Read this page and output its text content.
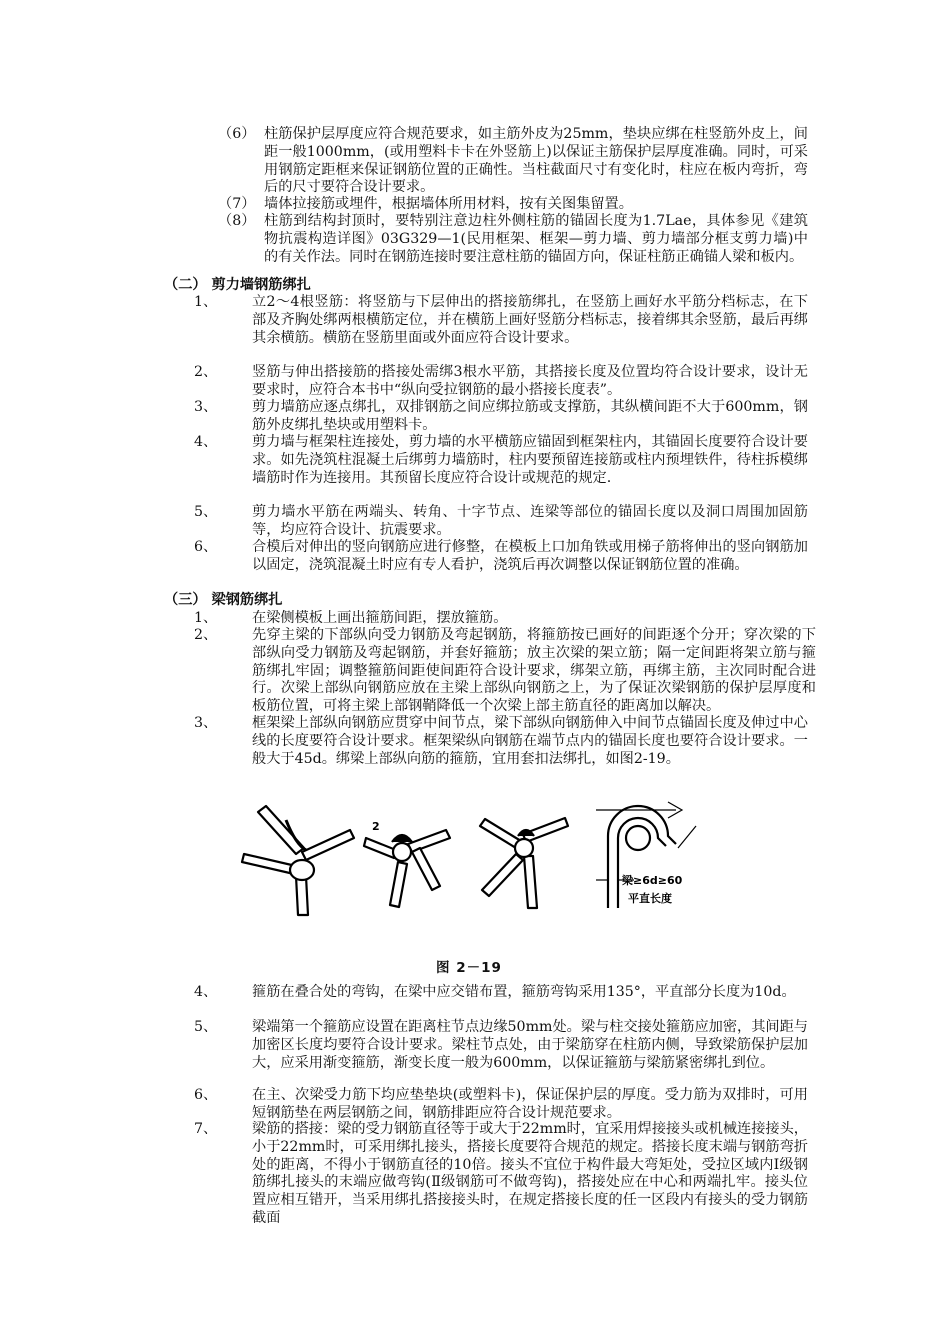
（6） 柱筋保护层厚度应符合规范要求，如主筋外皮为25mm，垫块应绑在柱竖筋外皮上，间距一般1000mm，(或用塑料卡卡在外竖筋上)以保证主筋保护层厚度准确。同时，可采用钢筋定距框来保证钢筋位置的正确性。当柱截面尺寸有变化时，柱应在板内弯折，弯后的尺寸要符合设计要求。
（7） 墙体拉接筋或埋件，根据墙体所用材料，按有关图集留置。
（8） 柱筋到结构封顶时，要特别注意边柱外侧柱筋的锚固长度为1.7Lae，具体参见《建筑物抗震构造详图》03G329—1(民用框架、框架—剪力墙、剪力墙部分框支剪力墙)中的有关作法。同时在钢筋连接时要注意柱筋的锚固方向，保证柱筋正确锚人梁和板内。
（二） 剪力墙钢筋绑扎
1、 立2～4根竖筋：将竖筋与下层伸出的搭接筋绑扎，在竖筋上画好水平筋分档标志，在下部及齐胸处绑两根横筋定位，并在横筋上画好竖筋分档标志，接着绑其余竖筋，最后再绑其余横筋。横筋在竖筋里面或外面应符合设计要求。
2、 竖筋与伸出搭接筋的搭接处需绑3根水平筋，其搭接长度及位置均符合设计要求，设计无要求时，应符合本书中“纵向受拉钢筋的最小搭接长度表”。
3、 剪力墙筋应逐点绑扎，双排钢筋之间应绑拉筋或支撑筋，其纵横间距不大于600mm，钢筋外皮绑扎垫块或用塑料卡。
4、 剪力墙与框架柱连接处，剪力墙的水平横筋应锚固到框架柱内，其锚固长度要符合设计要求。如先浇筑柱混凝土后绑剪力墙筋时，柱内要预留连接筋或柱内预埋铁件，待柱拆模绑墙筋时作为连接用。其预留长度应符合设计或规范的规定.
5、 剪力墙水平筋在两端头、转角、十字节点、连梁等部位的锚固长度以及洞口周围加固筋等，均应符合设计、抗震要求。
6、 合模后对伸出的竖向钢筋应进行修整，在模板上口加角铁或用梯子筋将伸出的竖向钢筋加以固定，浇筑混凝土时应有专人看护，浇筑后再次调整以保证钢筋位置的准确。
（三） 梁钢筋绑扎
1、 在梁侧模板上画出箍筋间距，摆放箍筋。
2、 先穿主梁的下部纵向受力钢筋及弯起钢筋，将箍筋按已画好的间距逐个分开；穿次梁的下部纵向受力钢筋及弯起钢筋，并套好箍筋；放主次梁的架立筋；隔一定间距将架立筋与箍筋绑扎牢固；调整箍筋间距使间距符合设计要求，绑架立筋，再绑主筋，主次同时配合进行。次梁上部纵向钢筋应放在主梁上部纵向钢筋之上，为了保证次梁钢筋的保护层厚度和板筋位置，可将主梁上部钢鞘降低一个次梁上部主筋直径的距离加以解决。
3、 框架梁上部纵向钢筋应贯穿中间节点，梁下部纵向钢筋伸入中间节点锚固长度及伸过中心线的长度要符合设计要求。框架梁纵向钢筋在端节点内的锚固长度也要符合设计要求。一般大于45d。绑梁上部纵向筋的箍筋，宜用套扣法绑扎，如图2-19。
2
梁≥6d≥60
平直长度
图 2－19
4、 箍筋在叠合处的弯钩，在梁中应交错布置，箍筋弯钩采用135°，平直部分长度为10d。
5、 梁端第一个箍筋应设置在距离柱节点边缘50mm处。梁与柱交接处箍筋应加密，其间距与加密区长度均要符合设计要求。梁柱节点处，由于梁筋穿在柱筋内侧，导致梁筋保护层加大，应采用渐变箍筋，渐变长度一般为600mm，以保证箍筋与梁筋紧密绑扎到位。
6、 在主、次梁受力筋下均应垫垫块(或塑料卡)，保证保护层的厚度。受力筋为双排时，可用短钢筋垫在两层钢筋之间，钢筋排距应符合设计规范要求。
7、 梁筋的搭接：梁的受力钢筋直径等于或大于22mm时，宜采用焊接接头或机械连接接头，小于22mm时，可采用绑扎接头，搭接长度要符合规范的规定。搭接长度末端与钢筋弯折处的距离，不得小于钢筋直径的10倍。接头不宜位于构件最大弯矩处，受拉区域内Ⅰ级钢筋绑扎接头的末端应做弯钩(Ⅱ级钢筋可不做弯钩)，搭接处应在中心和两端扎牢。接头位置应相互错开，当采用绑扎搭接接头时，在规定搭接长度的任一区段内有接头的受力钢筋截面
